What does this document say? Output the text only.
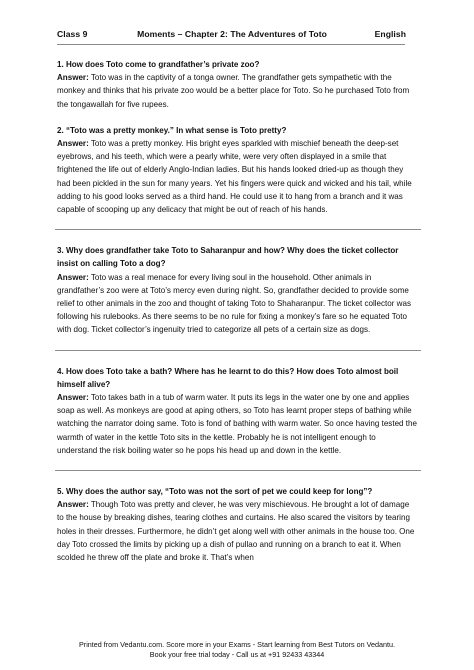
Class 9	Moments – Chapter 2: The Adventures of Toto	English

1. How does Toto come to grandfather’s private zoo?

Answer: Toto was in the captivity of a tonga owner. The grandfather gets sympathetic with the monkey and thinks that his private zoo would be a better place for Toto. So he purchased Toto from the tongawallah for five rupees.

2. “Toto was a pretty monkey.” In what sense is Toto pretty?

Answer: Toto was a pretty monkey. His bright eyes sparkled with mischief beneath the deep-set eyebrows, and his teeth, which were a pearly white, were very often displayed in a smile that frightened the life out of elderly Anglo-Indian ladies. But his hands looked dried-up as though they had been pickled in the sun for many years. Yet his fingers were quick and wicked and his tail, while adding to his good looks served as a third hand. He could use it to hang from a branch and it was capable of scooping up any delicacy that might be out of reach of his hands.

3. Why does grandfather take Toto to Saharanpur and how? Why does the ticket collector insist on calling Toto a dog?

Answer: Toto was a real menace for every living soul in the household. Other animals in grandfather’s zoo were at Toto’s mercy even during night. So, grandfather decided to provide some relief to other animals in the zoo and thought of taking Toto to Shaharanpur. The ticket collector was following his rulebooks. As there seems to be no rule for fixing a monkey’s fare so he equated Toto with dog. Ticket collector’s ingenuity tried to categorize all pets of a certain size as dogs.

4. How does Toto take a bath? Where has he learnt to do this? How does Toto almost boil himself alive?

Answer: Toto takes bath in a tub of warm water. It puts its legs in the water one by one and applies soap as well. As monkeys are good at aping others, so Toto has learnt proper steps of bathing while watching the narrator doing same. Toto is fond of bathing with warm water. So once having tested the warmth of water in the kettle Toto sits in the kettle. Probably he is not intelligent enough to understand the risk boiling water so he pops his head up and down in the kettle.

5. Why does the author say, “Toto was not the sort of pet we could keep for long”?

Answer: Though Toto was pretty and clever, he was very mischievous. He brought a lot of damage to the house by breaking dishes, tearing clothes and curtains. He also scared the visitors by tearing holes in their dresses. Furthermore, he didn’t get along well with other animals in the house too. One day Toto crossed the limits by picking up a dish of pullao and running on a branch to eat it. When scolded he threw off the plate and broke it. That’s when

Printed from Vedantu.com. Score more in your Exams - Start learning from Best Tutors on Vedantu.
Book your free trial today - Call us at +91 92433 43344
